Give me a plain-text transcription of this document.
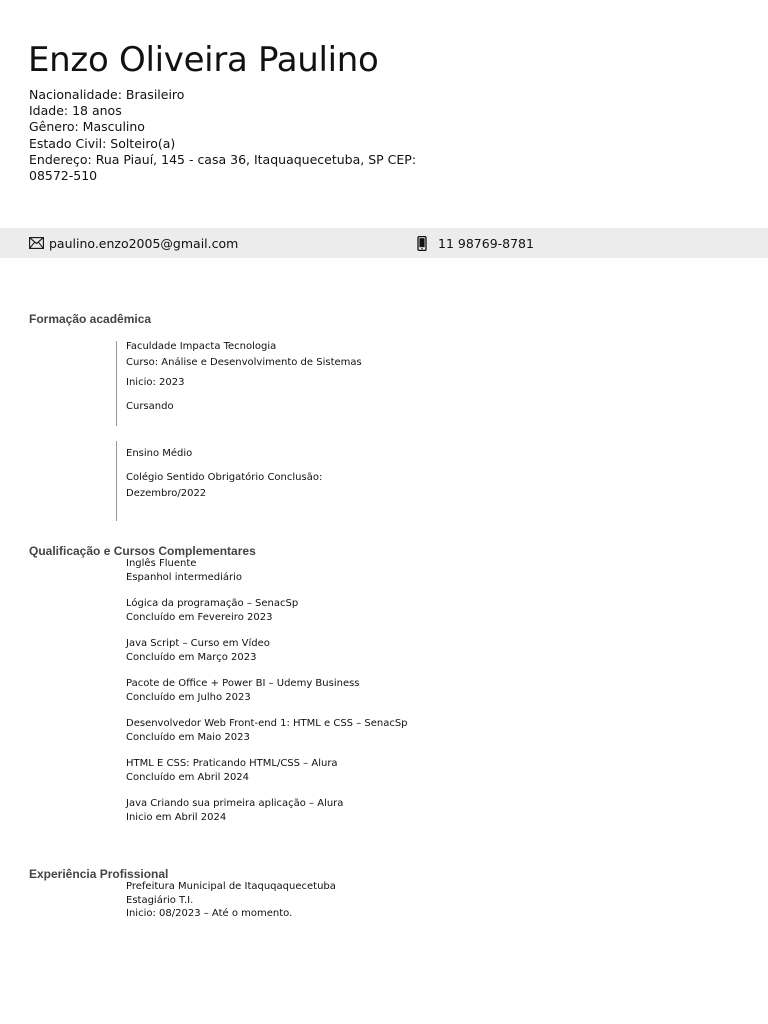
Enzo Oliveira Paulino
Nacionalidade: Brasileiro
Idade: 18 anos
Gênero: Masculino
Estado Civil: Solteiro(a)
Endereço: Rua Piauí, 145 - casa 36, Itaquaquecetuba, SP CEP: 08572-510
paulino.enzo2005@gmail.com	11 98769-8781
Formação acadêmica
Faculdade Impacta Tecnologia
Curso: Análise e Desenvolvimento de Sistemas
Inicio: 2023
Cursando
Ensino Médio
Colégio Sentido Obrigatório Conclusão:
Dezembro/2022
Qualificação e Cursos Complementares
Inglês Fluente
Espanhol intermediário
Lógica da programação – SenacSp
Concluído em Fevereiro 2023
Java Script – Curso em Vídeo
Concluído em Março 2023
Pacote de Office + Power BI – Udemy Business
Concluído em Julho 2023
Desenvolvedor Web Front-end 1: HTML e CSS – SenacSp
Concluído em Maio 2023
HTML E CSS: Praticando HTML/CSS – Alura
Concluído em Abril 2024
Java Criando sua primeira aplicação – Alura
Inicio em Abril 2024
Experiência Profissional
Prefeitura Municipal de Itaquqaquecetuba
Estagiário T.I.
Inicio: 08/2023 – Até o momento.
